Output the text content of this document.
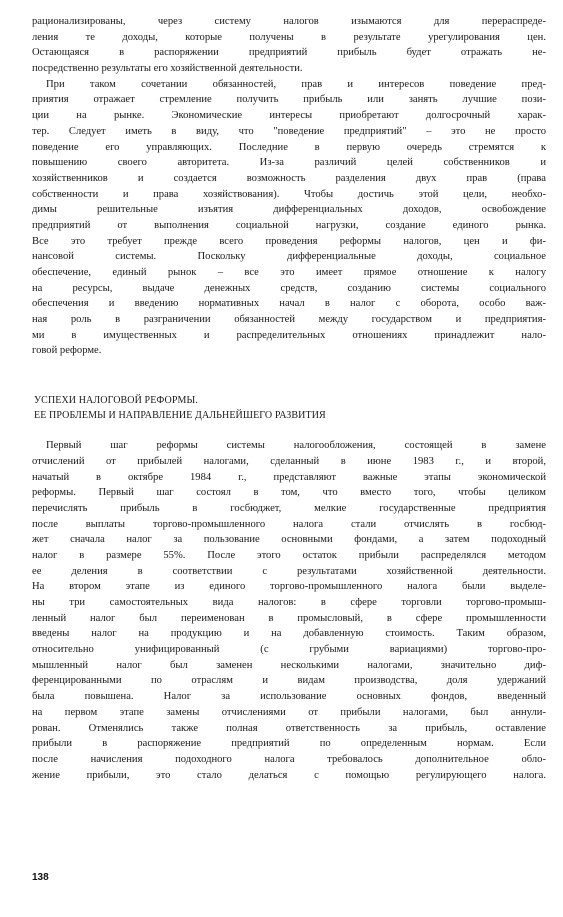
рационализированы, через систему налогов изымаются для перераспреде-
ления те доходы, которые получены в результате урегулирования цен.
Остающаяся в распоряжении предприятий прибыль будет отражать не-
посредственно результаты его хозяйственной деятельности.
При таком сочетании обязанностей, прав и интересов поведение пред-
приятия отражает стремление получить прибыль или занять лучшие пози-
ции на рынке. Экономические интересы приобретают долгосрочный харак-
тер. Следует иметь в виду, что "поведение предприятий" – это не просто
поведение его управляющих. Последние в первую очередь стремятся к
повышению своего авторитета. Из-за различий целей собственников и
хозяйственников и создается возможность разделения двух прав (права
собственности и права хозяйствования). Чтобы достичь этой цели, необхо-
димы решительные изъятия дифференциальных доходов, освобождение
предприятий от выполнения социальной нагрузки, создание единого рынка.
Все это требует прежде всего проведения реформы налогов, цен и фи-
нансовой системы. Поскольку дифференциальные доходы, социальное
обеспечение, единый рынок – все это имеет прямое отношение к налогу
на ресурсы, выдаче денежных средств, созданию системы социального
обеспечения и введению нормативных начал в налог с оборота, особо важ-
ная роль в разграничении обязанностей между государством и предприятия-
ми в имущественных и распределительных отношениях принадлежит нало-
говой реформе.
УСПЕХИ НАЛОГОВОЙ РЕФОРМЫ.
ЕЕ ПРОБЛЕМЫ И НАПРАВЛЕНИЕ ДАЛЬНЕЙШЕГО РАЗВИТИЯ
Первый шаг реформы системы налогообложения, состоящей в замене
отчислений от прибылей налогами, сделанный в июне 1983 г., и второй,
начатый в октябре 1984 г., представляют важные этапы экономической
реформы. Первый шаг состоял в том, что вместо того, чтобы целиком
перечислять прибыль в госбюджет, мелкие государственные предприятия
после выплаты торгово-промышленного налога стали отчислять в госбюд-
жет сначала налог за пользование основными фондами, а затем подоходный
налог в размере 55%. После этого остаток прибыли распределялся методом
ее деления в соответствии с результатами хозяйственной деятельности.
На втором этапе из единого торгово-промышленного налога были выделе-
ны три самостоятельных вида налогов: в сфере торговли торгово-промыш-
ленный налог был переименован в промысловый, в сфере промышленности
введены налог на продукцию и на добавленную стоимость. Таким образом,
относительно унифицированный (с грубыми вариациями) торгово-про-
мышленный налог был заменен несколькими налогами, значительно диф-
ференцированными по отраслям и видам производства, доля удержаний
была повышена. Налог за использование основных фондов, введенный
на первом этапе замены отчислениями от прибыли налогами, был аннули-
рован. Отменялись также полная ответственность за прибыль, оставление
прибыли в распоряжение предприятий по определенным нормам. Если
после начисления подоходного налога требовалось дополнительное обло-
жение прибыли, это стало делаться с помощью регулирующего налога.
138
